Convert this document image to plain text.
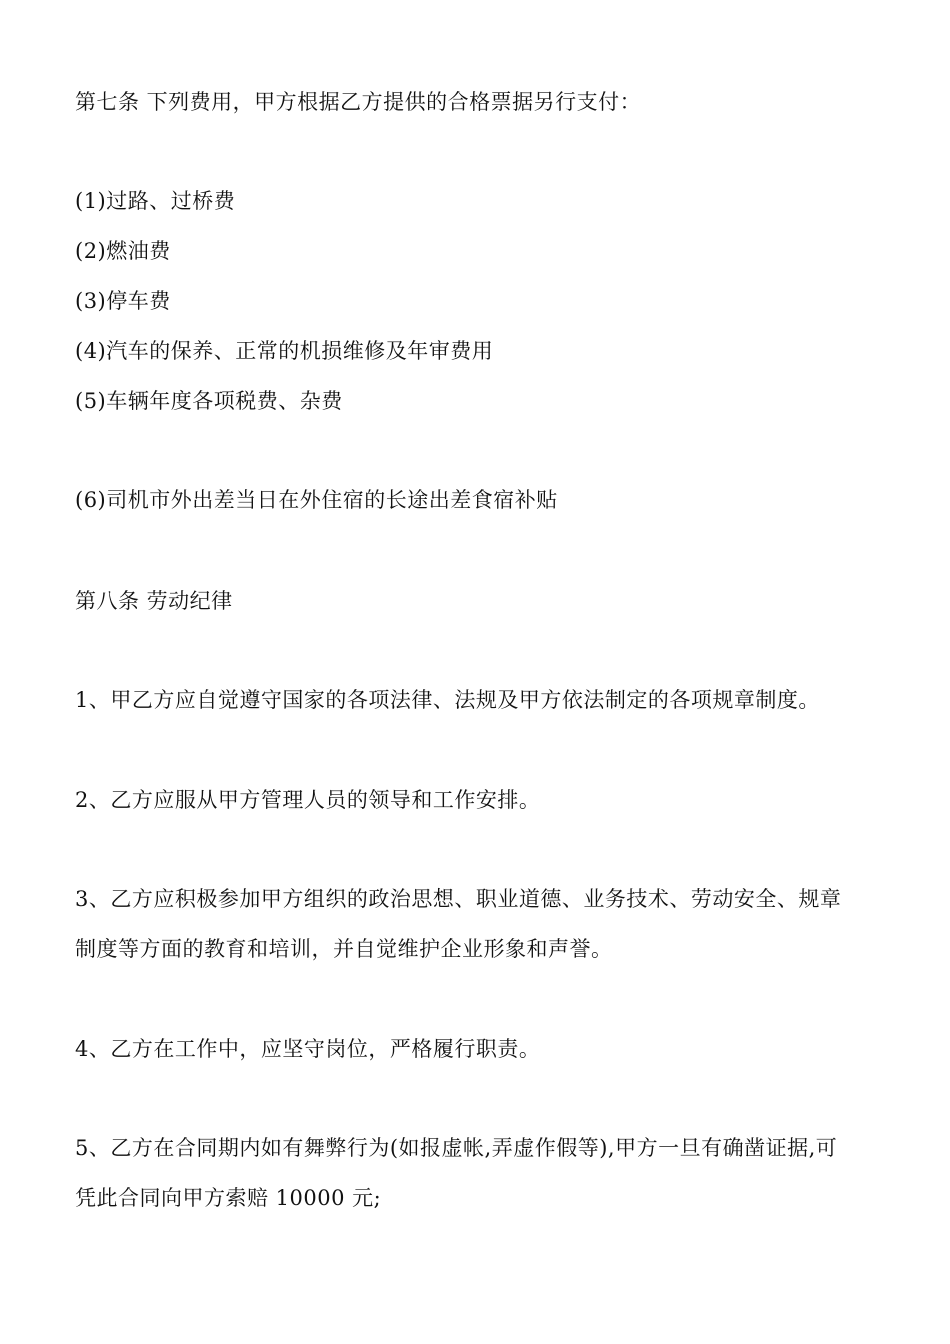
第七条 下列费用，甲方根据乙方提供的合格票据另行支付：
(1)过路、过桥费
(2)燃油费
(3)停车费
(4)汽车的保养、正常的机损维修及年审费用
(5)车辆年度各项税费、杂费
(6)司机市外出差当日在外住宿的长途出差食宿补贴
第八条 劳动纪律
1、甲乙方应自觉遵守国家的各项法律、法规及甲方依法制定的各项规章制度。
2、乙方应服从甲方管理人员的领导和工作安排。
3、乙方应积极参加甲方组织的政治思想、职业道德、业务技术、劳动安全、规章
制度等方面的教育和培训，并自觉维护企业形象和声誉。
4、乙方在工作中，应坚守岗位，严格履行职责。
5、乙方在合同期内如有舞弊行为(如报虚帐,弄虚作假等),甲方一旦有确凿证据,可
凭此合同向甲方索赔 10000 元;
